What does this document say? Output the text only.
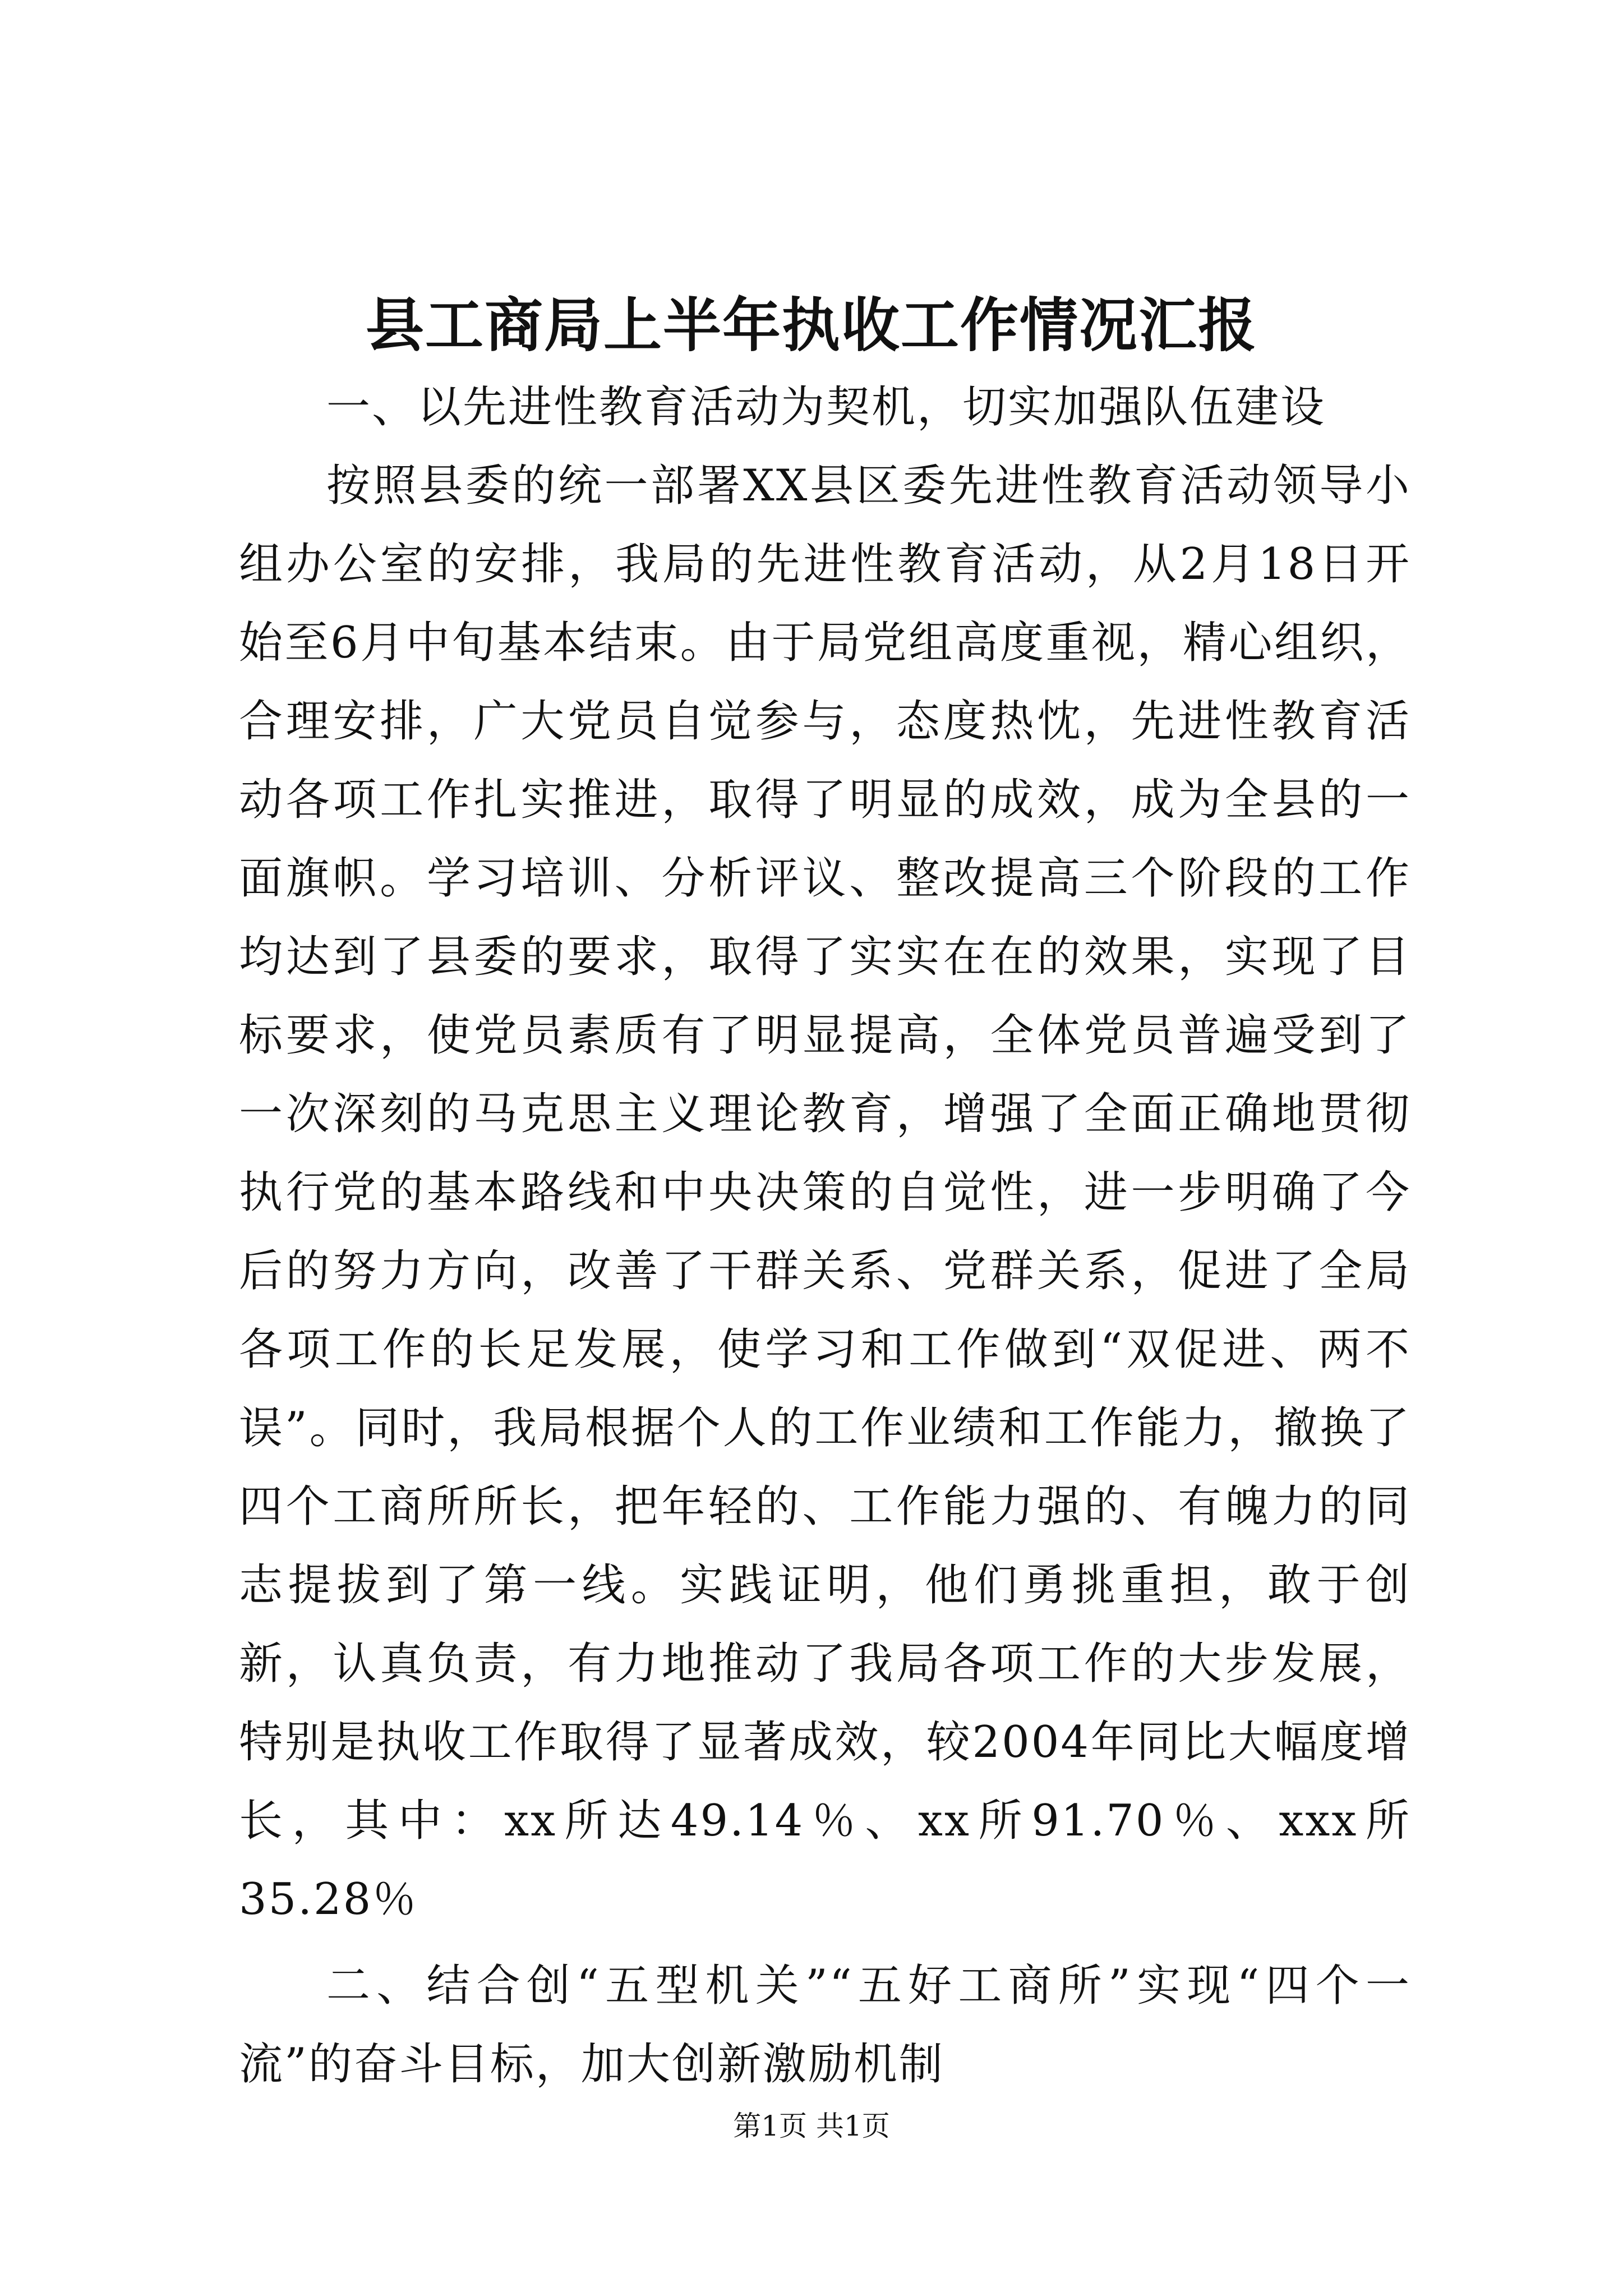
县工商局上半年执收工作情况汇报

一、以先进性教育活动为契机，切实加强队伍建设

按照县委的统一部署XX县区委先进性教育活动领导小组办公室的安排，我局的先进性教育活动，从2月18日开始至6月中旬基本结束。由于局党组高度重视，精心组织，合理安排，广大党员自觉参与，态度热忱，先进性教育活动各项工作扎实推进，取得了明显的成效，成为全县的一面旗帜。学习培训、分析评议、整改提高三个阶段的工作均达到了县委的要求，取得了实实在在的效果，实现了目标要求，使党员素质有了明显提高，全体党员普遍受到了一次深刻的马克思主义理论教育，增强了全面正确地贯彻执行党的基本路线和中央决策的自觉性，进一步明确了今后的努力方向，改善了干群关系、党群关系，促进了全局各项工作的长足发展，使学习和工作做到“双促进、两不误”。同时，我局根据个人的工作业绩和工作能力，撤换了四个工商所所长，把年轻的、工作能力强的、有魄力的同志提拔到了第一线。实践证明，他们勇挑重担，敢于创新，认真负责，有力地推动了我局各项工作的大步发展，特别是执收工作取得了显著成效，较2004年同比大幅度增长，其中：xx所达49.14％、xx所91.70％、xxx所35.28％

二、结合创“五型机关”“五好工商所”实现“四个一流”的奋斗目标，加大创新激励机制

第1页 共1页
